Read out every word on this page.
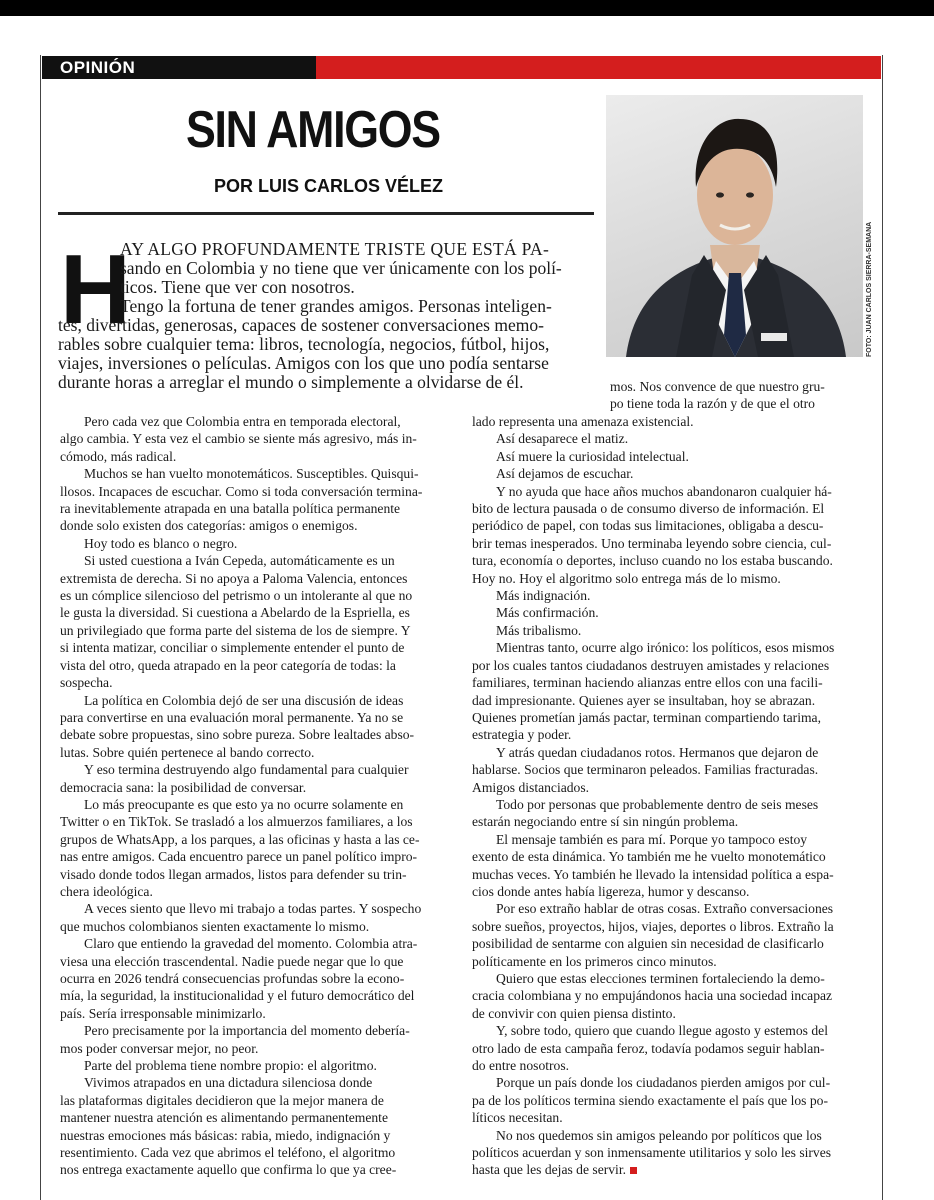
OPINIÓN
SIN AMIGOS
POR LUIS CARLOS VÉLEZ
FOTO: JUAN CARLOS SIERRA-SEMANA
H

AY ALGO PROFUNDAMENTE TRISTE QUE ESTÁ PA-

sando en Colombia y no tiene que ver únicamente con los polí-

ticos. Tiene que ver con nosotros.

Tengo la fortuna de tener grandes amigos. Personas inteligen-

tes, divertidas, generosas, capaces de sostener conversaciones memo-

rables sobre cualquier tema: libros, tecnología, negocios, fútbol, hijos,

viajes, inversiones o películas. Amigos con los que uno podía sentarse

durante horas a arreglar el mundo o simplemente a olvidarse de él.

Pero cada vez que Colombia entra en temporada electoral,

algo cambia. Y esta vez el cambio se siente más agresivo, más in-

cómodo, más radical.

Muchos se han vuelto monotemáticos. Susceptibles. Quisqui-

llosos. Incapaces de escuchar. Como si toda conversación termina-

ra inevitablemente atrapada en una batalla política permanente

donde solo existen dos categorías: amigos o enemigos.

Hoy todo es blanco o negro.

Si usted cuestiona a Iván Cepeda, automáticamente es un

extremista de derecha. Si no apoya a Paloma Valencia, entonces

es un cómplice silencioso del petrismo o un intolerante al que no

le gusta la diversidad. Si cuestiona a Abelardo de la Espriella, es

un privilegiado que forma parte del sistema de los de siempre. Y

si intenta matizar, conciliar o simplemente entender el punto de

vista del otro, queda atrapado en la peor categoría de todas: la

sospecha.

La política en Colombia dejó de ser una discusión de ideas

para convertirse en una evaluación moral permanente. Ya no se

debate sobre propuestas, sino sobre pureza. Sobre lealtades abso-

lutas. Sobre quién pertenece al bando correcto.

Y eso termina destruyendo algo fundamental para cualquier

democracia sana: la posibilidad de conversar.

Lo más preocupante es que esto ya no ocurre solamente en

Twitter o en TikTok. Se trasladó a los almuerzos familiares, a los

grupos de WhatsApp, a los parques, a las oficinas y hasta a las ce-

nas entre amigos. Cada encuentro parece un panel político impro-

visado donde todos llegan armados, listos para defender su trin-

chera ideológica.

A veces siento que llevo mi trabajo a todas partes. Y sospecho

que muchos colombianos sienten exactamente lo mismo.

Claro que entiendo la gravedad del momento. Colombia atra-

viesa una elección trascendental. Nadie puede negar que lo que

ocurra en 2026 tendrá consecuencias profundas sobre la econo-

mía, la seguridad, la institucionalidad y el futuro democrático del

país. Sería irresponsable minimizarlo.

Pero precisamente por la importancia del momento debería-

mos poder conversar mejor, no peor.

Parte del problema tiene nombre propio: el algoritmo.

Vivimos atrapados en una dictadura silenciosa donde

las plataformas digitales decidieron que la mejor manera de

mantener nuestra atención es alimentando permanentemente

nuestras emociones más básicas: rabia, miedo, indignación y

resentimiento. Cada vez que abrimos el teléfono, el algoritmo

nos entrega exactamente aquello que confirma lo que ya cree-

mos. Nos convence de que nuestro gru-

po tiene toda la razón y de que el otro

lado representa una amenaza existencial.

Así desaparece el matiz.

Así muere la curiosidad intelectual.

Así dejamos de escuchar.

Y no ayuda que hace años muchos abandonaron cualquier há-

bito de lectura pausada o de consumo diverso de información. El

periódico de papel, con todas sus limitaciones, obligaba a descu-

brir temas inesperados. Uno terminaba leyendo sobre ciencia, cul-

tura, economía o deportes, incluso cuando no los estaba buscando.

Hoy no. Hoy el algoritmo solo entrega más de lo mismo.

Más indignación.

Más confirmación.

Más tribalismo.

Mientras tanto, ocurre algo irónico: los políticos, esos mismos

por los cuales tantos ciudadanos destruyen amistades y relaciones

familiares, terminan haciendo alianzas entre ellos con una facili-

dad impresionante. Quienes ayer se insultaban, hoy se abrazan.

Quienes prometían jamás pactar, terminan compartiendo tarima,

estrategia y poder.

Y atrás quedan ciudadanos rotos. Hermanos que dejaron de

hablarse. Socios que terminaron peleados. Familias fracturadas.

Amigos distanciados.

Todo por personas que probablemente dentro de seis meses

estarán negociando entre sí sin ningún problema.

El mensaje también es para mí. Porque yo tampoco estoy

exento de esta dinámica. Yo también me he vuelto monotemático

muchas veces. Yo también he llevado la intensidad política a espa-

cios donde antes había ligereza, humor y descanso.

Por eso extraño hablar de otras cosas. Extraño conversaciones

sobre sueños, proyectos, hijos, viajes, deportes o libros. Extraño la

posibilidad de sentarme con alguien sin necesidad de clasificarlo

políticamente en los primeros cinco minutos.

Quiero que estas elecciones terminen fortaleciendo la demo-

cracia colombiana y no empujándonos hacia una sociedad incapaz

de convivir con quien piensa distinto.

Y, sobre todo, quiero que cuando llegue agosto y estemos del

otro lado de esta campaña feroz, todavía podamos seguir hablan-

do entre nosotros.

Porque un país donde los ciudadanos pierden amigos por cul-

pa de los políticos termina siendo exactamente el país que los po-

líticos necesitan.

No nos quedemos sin amigos peleando por políticos que los

políticos acuerdan y son inmensamente utilitarios y solo les sirves

hasta que les dejas de servir.
